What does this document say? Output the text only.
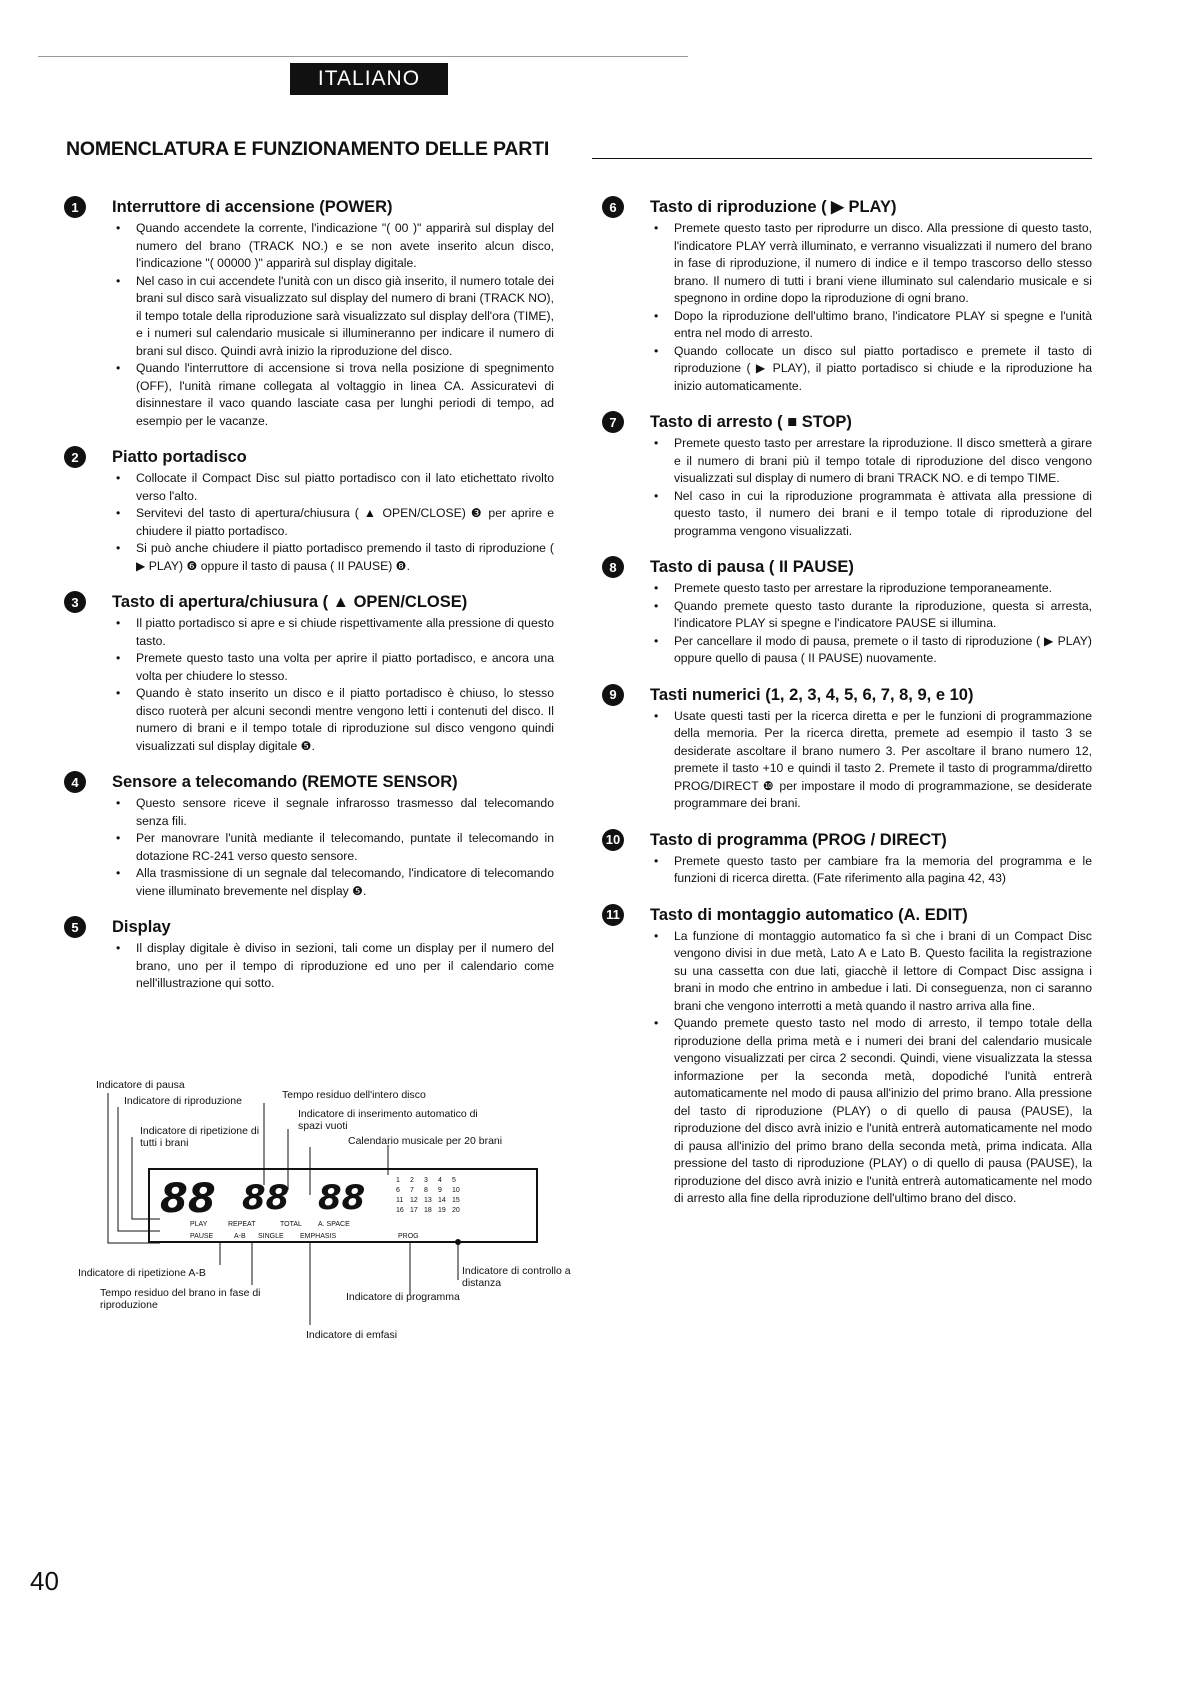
ITALIANO
NOMENCLATURA E FUNZIONAMENTO DELLE PARTI
1	Interruttore di accensione (POWER)
• Quando accendete la corrente, l'indicazione "( 00 )" apparirà sul display del numero del brano (TRACK NO.) e se non avete inserito alcun disco, l'indicazione "( 00000 )" apparirà sul display digitale.
• Nel caso in cui accendete l'unità con un disco già inserito, il numero totale dei brani sul disco sarà visualizzato sul display del numero di brani (TRACK NO), il tempo totale della riproduzione sarà visualizzato sul display dell'ora (TIME), e i numeri sul calendario musicale si illumineranno per indicare il numero di brani sul disco. Quindi avrà inizio la riproduzione del disco.
• Quando l'interruttore di accensione si trova nella posizione di spegnimento (OFF), l'unità rimane collegata al voltaggio in linea CA. Assicuratevi di disinnestare il vaco quando lasciate casa per lunghi periodi di tempo, ad esempio per le vacanze.
2	Piatto portadisco
• Collocate il Compact Disc sul piatto portadisco con il lato etichettato rivolto verso l'alto.
• Servitevi del tasto di apertura/chiusura ( ▲ OPEN/CLOSE) ❸ per aprire e chiudere il piatto portadisco.
• Si può anche chiudere il piatto portadisco premendo il tasto di riproduzione ( ▶ PLAY) ❻ oppure il tasto di pausa ( II PAUSE) ❽.
3	Tasto di apertura/chiusura ( ▲ OPEN/CLOSE)
• Il piatto portadisco si apre e si chiude rispettivamente alla pressione di questo tasto.
• Premete questo tasto una volta per aprire il piatto portadisco, e ancora una volta per chiudere lo stesso.
• Quando è stato inserito un disco e il piatto portadisco è chiuso, lo stesso disco ruoterà per alcuni secondi mentre vengono letti i contenuti del disco. Il numero di brani e il tempo totale di riproduzione sul disco vengono quindi visualizzati sul display digitale ❺.
4	Sensore a telecomando (REMOTE SENSOR)
• Questo sensore riceve il segnale infrarosso trasmesso dal telecomando senza fili.
• Per manovrare l'unità mediante il telecomando, puntate il telecomando in dotazione RC-241 verso questo sensore.
• Alla trasmissione di un segnale dal telecomando, l'indicatore di telecomando viene illuminato brevemente nel display ❺.
5	Display
• Il display digitale è diviso in sezioni, tali come un display per il numero del brano, uno per il tempo di riproduzione ed uno per il calendario come nell'illustrazione qui sotto.
6	Tasto di riproduzione ( ▶ PLAY)
• Premete questo tasto per riprodurre un disco. Alla pressione di questo tasto, l'indicatore PLAY verrà illuminato, e verranno visualizzati il numero del brano in fase di riproduzione, il numero di indice e il tempo trascorso dello stesso brano. Il numero di tutti i brani viene illuminato sul calendario musicale e si spegnono in ordine dopo la riproduzione di ogni brano.
• Dopo la riproduzione dell'ultimo brano, l'indicatore PLAY si spegne e l'unità entra nel modo di arresto.
• Quando collocate un disco sul piatto portadisco e premete il tasto di riproduzione ( ▶ PLAY), il piatto portadisco si chiude e la riproduzione ha inizio automaticamente.
7	Tasto di arresto ( ■ STOP)
• Premete questo tasto per arrestare la riproduzione. Il disco smetterà a girare e il numero di brani più il tempo totale di riproduzione del disco vengono visualizzati sul display di numero di brani TRACK NO. e di tempo TIME.
• Nel caso in cui la riproduzione programmata è attivata alla pressione di questo tasto, il numero dei brani e il tempo totale di riproduzione del programma vengono visualizzati.
8	Tasto di pausa ( II PAUSE)
• Premete questo tasto per arrestare la riproduzione temporaneamente.
• Quando premete questo tasto durante la riproduzione, questa si arresta, l'indicatore PLAY si spegne e l'indicatore PAUSE si illumina.
• Per cancellare il modo di pausa, premete o il tasto di riproduzione ( ▶ PLAY) oppure quello di pausa ( II PAUSE) nuovamente.
9	Tasti numerici (1, 2, 3, 4, 5, 6, 7, 8, 9, e 10)
• Usate questi tasti per la ricerca diretta e per le funzioni di programmazione della memoria. Per la ricerca diretta, premete ad esempio il tasto 3 se desiderate ascoltare il brano numero 3. Per ascoltare il brano numero 12, premete il tasto +10 e quindi il tasto 2. Premete il tasto di programma/diretto PROG/DIRECT ❿ per impostare il modo di programmazione, se desiderate programmare dei brani.
10 Tasto di programma (PROG / DIRECT)
• Premete questo tasto per cambiare fra la memoria del programma e le funzioni di ricerca diretta. (Fate riferimento alla pagina 42, 43)
11 Tasto di montaggio automatico (A. EDIT)
• La funzione di montaggio automatico fa sì che i brani di un Compact Disc vengono divisi in due metà, Lato A e Lato B. Questo facilita la registrazione su una cassetta con due lati, giacchè il lettore di Compact Disc assigna i brani in modo che entrino in ambedue i lati. Di conseguenza, non ci saranno brani che vengono interrotti a metà quando il nastro arriva alla fine.
• Quando premete questo tasto nel modo di arresto, il tempo totale della riproduzione della prima metà e i numeri dei brani del calendario musicale vengono visualizzati per circa 2 secondi. Quindi, viene visualizzata la stessa informazione per la seconda metà, dopodiché l'unità entrerà automaticamente nel modo di pausa all'inizio del primo brano. Alla pressione del tasto di riproduzione (PLAY) o di quello di pausa (PAUSE), la riproduzione del disco avrà inizio e l'unità entrerà automaticamente nel modo di pausa all'inizio del primo brano della seconda metà, prima indicata. Alla pressione del tasto di riproduzione (PLAY) o di quello di pausa (PAUSE), la riproduzione del disco avrà inizio e l'unità entrerà automaticamente nel modo di arresto alla fine della riproduzione dell'ultimo brano del disco.
Indicatore di pausa
Indicatore di riproduzione	Tempo residuo dell'intero disco
Indicatore di inserimento automatico di spazi vuoti
Indicatore di ripetizione di tutti i brani	Calendario musicale per 20 brani
88 88 88	1 2 3 4 5
6 7 8 9 10
11 12 13 14 15
16 17 18 19 20
PLAY	REPEAT	TOTAL A. SPACE
PAUSE	A-B SINGLE EMPHASIS	PROG
Indicatore di ripetizione A-B
Tempo residuo del brano in fase di riproduzione
Indicatore di controllo a distanza
Indicatore di programma
Indicatore di emfasi
40
